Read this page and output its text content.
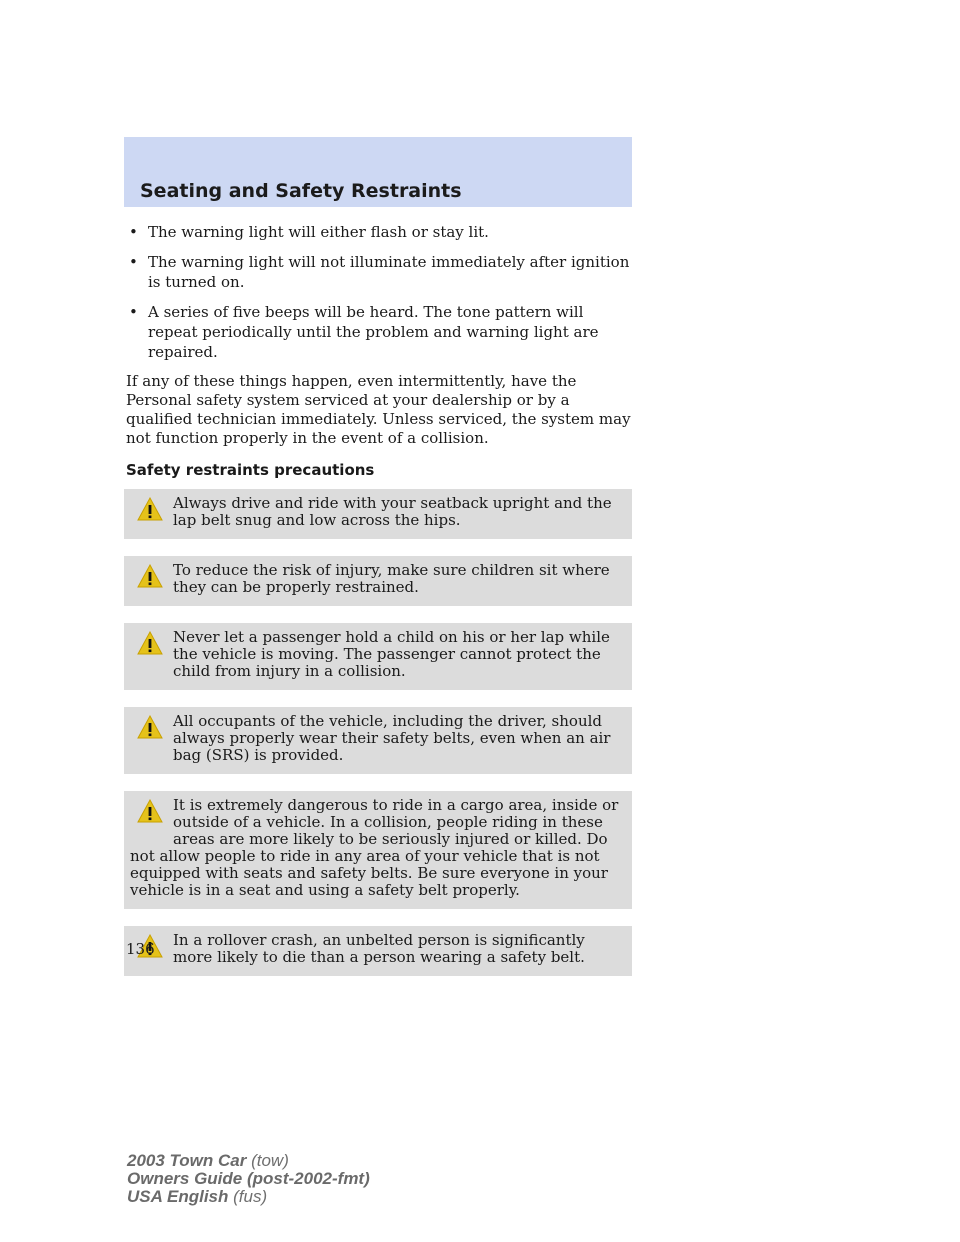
Seating and Safety Restraints
• The warning light will either flash or stay lit.
• The warning light will not illuminate immediately after ignition is turned on.
• A series of five beeps will be heard. The tone pattern will repeat periodically until the problem and warning light are repaired.

If any of these things happen, even intermittently, have the Personal safety system serviced at your dealership or by a qualified technician immediately. Unless serviced, the system may not function properly in the event of a collision.

Safety restraints precautions
Always drive and ride with your seatback upright and the lap belt snug and low across the hips.
To reduce the risk of injury, make sure children sit where they can be properly restrained.
Never let a passenger hold a child on his or her lap while the vehicle is moving. The passenger cannot protect the child from injury in a collision.
All occupants of the vehicle, including the driver, should always properly wear their safety belts, even when an air bag (SRS) is provided.
It is extremely dangerous to ride in a cargo area, inside or outside of a vehicle. In a collision, people riding in these areas are more likely to be seriously injured or killed. Do not allow people to ride in any area of your vehicle that is not equipped with seats and safety belts. Be sure everyone in your vehicle is in a seat and using a safety belt properly.
In a rollover crash, an unbelted person is significantly more likely to die than a person wearing a safety belt.
136
2003 Town Car (tow)
Owners Guide (post-2002-fmt)
USA English (fus)
